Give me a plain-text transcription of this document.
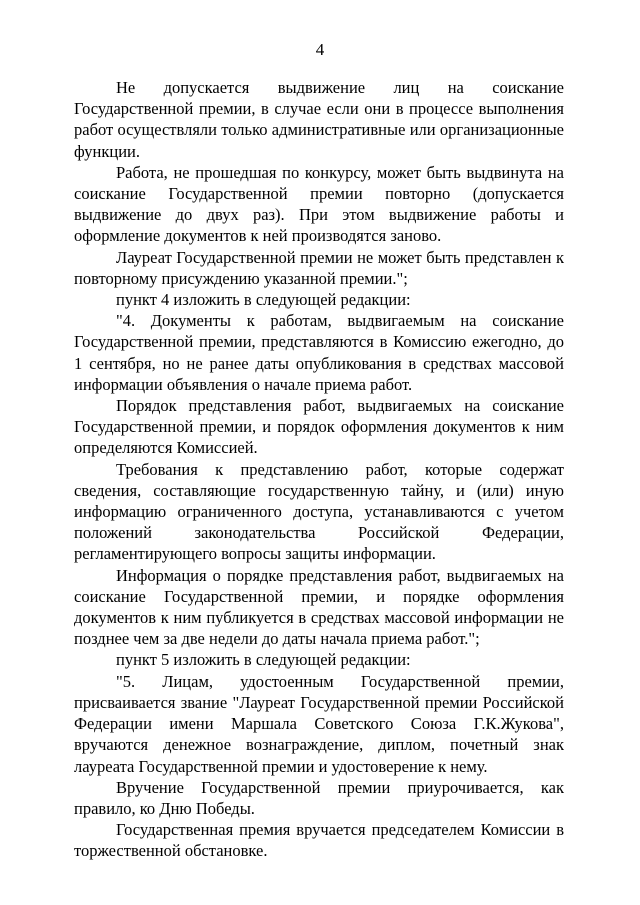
4

Не допускается выдвижение лиц на соискание Государственной премии, в случае если они в процессе выполнения работ осуществляли только административные или организационные функции.

Работа, не прошедшая по конкурсу, может быть выдвинута на соискание Государственной премии повторно (допускается выдвижение до двух раз). При этом выдвижение работы и оформление документов к ней производятся заново.

Лауреат Государственной премии не может быть представлен к повторному присуждению указанной премии.";

пункт 4 изложить в следующей редакции:

"4. Документы к работам, выдвигаемым на соискание Государственной премии, представляются в Комиссию ежегодно, до 1 сентября, но не ранее даты опубликования в средствах массовой информации объявления о начале приема работ.

Порядок представления работ, выдвигаемых на соискание Государственной премии, и порядок оформления документов к ним определяются Комиссией.

Требования к представлению работ, которые содержат сведения, составляющие государственную тайну, и (или) иную информацию ограниченного доступа, устанавливаются с учетом положений законодательства Российской Федерации, регламентирующего вопросы защиты информации.

Информация о порядке представления работ, выдвигаемых на соискание Государственной премии, и порядке оформления документов к ним публикуется в средствах массовой информации не позднее чем за две недели до даты начала приема работ.";

пункт 5 изложить в следующей редакции:

"5. Лицам, удостоенным Государственной премии, присваивается звание "Лауреат Государственной премии Российской Федерации имени Маршала Советского Союза Г.К.Жукова", вручаются денежное вознаграждение, диплом, почетный знак лауреата Государственной премии и удостоверение к нему.

Вручение Государственной премии приурочивается, как правило, ко Дню Победы.

Государственная премия вручается председателем Комиссии в торжественной обстановке.
